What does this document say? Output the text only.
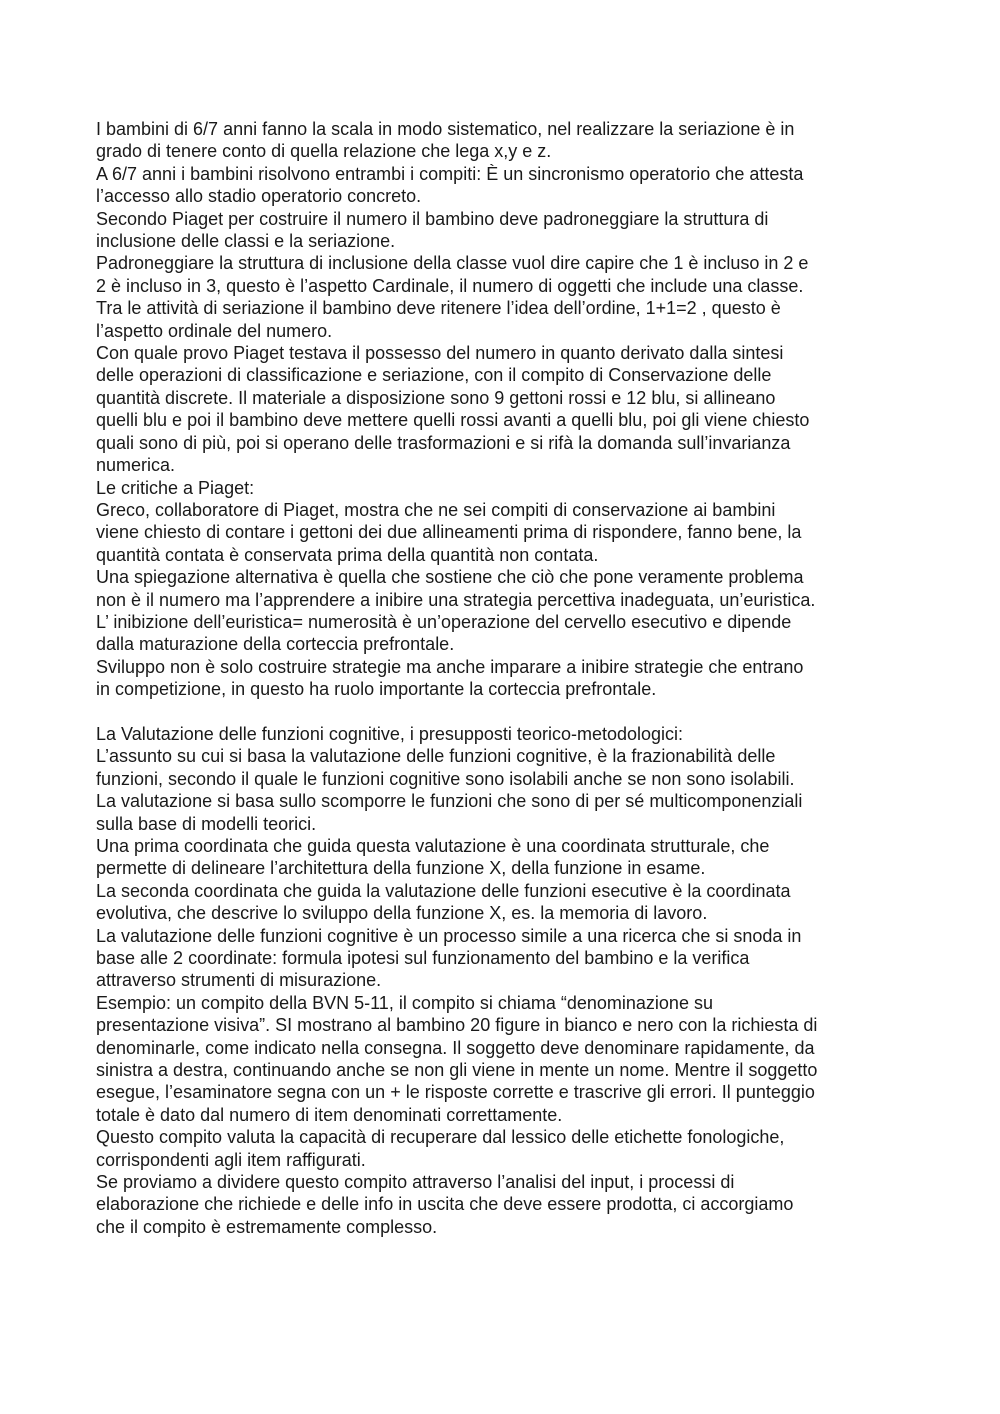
I bambini di 6/7 anni fanno la scala in modo sistematico, nel realizzare la seriazione è in
grado di tenere conto di quella relazione che lega x,y e z.
A 6/7 anni i bambini risolvono entrambi i compiti: È un sincronismo operatorio che attesta
l’accesso allo stadio operatorio concreto.
Secondo Piaget per costruire il numero il bambino deve padroneggiare la struttura di
inclusione delle classi e la seriazione.
Padroneggiare la struttura di inclusione della classe vuol dire capire che 1 è incluso in 2 e
2 è incluso in 3, questo è l’aspetto Cardinale, il numero di oggetti che include una classe.
Tra le attività di seriazione il bambino deve ritenere l’idea dell’ordine, 1+1=2 , questo è
l’aspetto ordinale del numero.
Con quale provo Piaget testava il possesso del numero in quanto derivato dalla sintesi
delle operazioni di classificazione e seriazione, con il compito di Conservazione delle
quantità discrete. Il materiale a disposizione sono 9 gettoni rossi e 12 blu, si allineano
quelli blu e poi il bambino deve mettere quelli rossi avanti a quelli blu, poi gli viene chiesto
quali sono di più, poi si operano delle trasformazioni e si rifà la domanda sull’invarianza
numerica.
Le critiche a Piaget:
Greco, collaboratore di Piaget, mostra che ne sei compiti di conservazione ai bambini
viene chiesto di contare i gettoni dei due allineamenti prima di rispondere, fanno bene, la
quantità contata è conservata prima della quantità non contata.
Una spiegazione alternativa è quella che sostiene che ciò che pone veramente problema
non è il numero ma l’apprendere a inibire una strategia percettiva inadeguata, un’euristica.
L’ inibizione dell’euristica= numerosità è un’operazione del cervello esecutivo e dipende
dalla maturazione della corteccia prefrontale.
Sviluppo non è solo costruire strategie ma anche imparare a inibire strategie che entrano
in competizione, in questo ha ruolo importante la corteccia prefrontale.
La Valutazione delle funzioni cognitive, i presupposti teorico-metodologici:
L’assunto su cui si basa la valutazione delle funzioni cognitive, è la frazionabilità delle
funzioni, secondo il quale le funzioni cognitive sono isolabili anche se non sono isolabili.
La valutazione si basa sullo scomporre le funzioni che sono di per sé multicomponenziali
sulla base di modelli teorici.
Una prima coordinata che guida questa valutazione è una coordinata strutturale, che
permette di delineare l’architettura della funzione X, della funzione in esame.
La seconda coordinata che guida la valutazione delle funzioni esecutive è la coordinata
evolutiva, che descrive lo sviluppo della funzione X, es. la memoria di lavoro.
La valutazione delle funzioni cognitive è un processo simile a una ricerca che si snoda in
base alle 2 coordinate: formula ipotesi sul funzionamento del bambino e la verifica
attraverso strumenti di misurazione.
Esempio: un compito della BVN 5-11, il compito si chiama “denominazione su
presentazione visiva”. SI mostrano al bambino 20 figure in bianco e nero con la richiesta di
denominarle, come indicato nella consegna. Il soggetto deve denominare rapidamente, da
sinistra a destra, continuando anche se non gli viene in mente un nome. Mentre il soggetto
esegue, l’esaminatore segna con un + le risposte corrette e trascrive gli errori. Il punteggio
totale è dato dal numero di item denominati correttamente.
Questo compito valuta la capacità di recuperare dal lessico delle etichette fonologiche,
corrispondenti agli item raffigurati.
Se proviamo a dividere questo compito attraverso l’analisi del input, i processi di
elaborazione che richiede e delle info in uscita che deve essere prodotta, ci accorgiamo
che il compito è estremamente complesso.
